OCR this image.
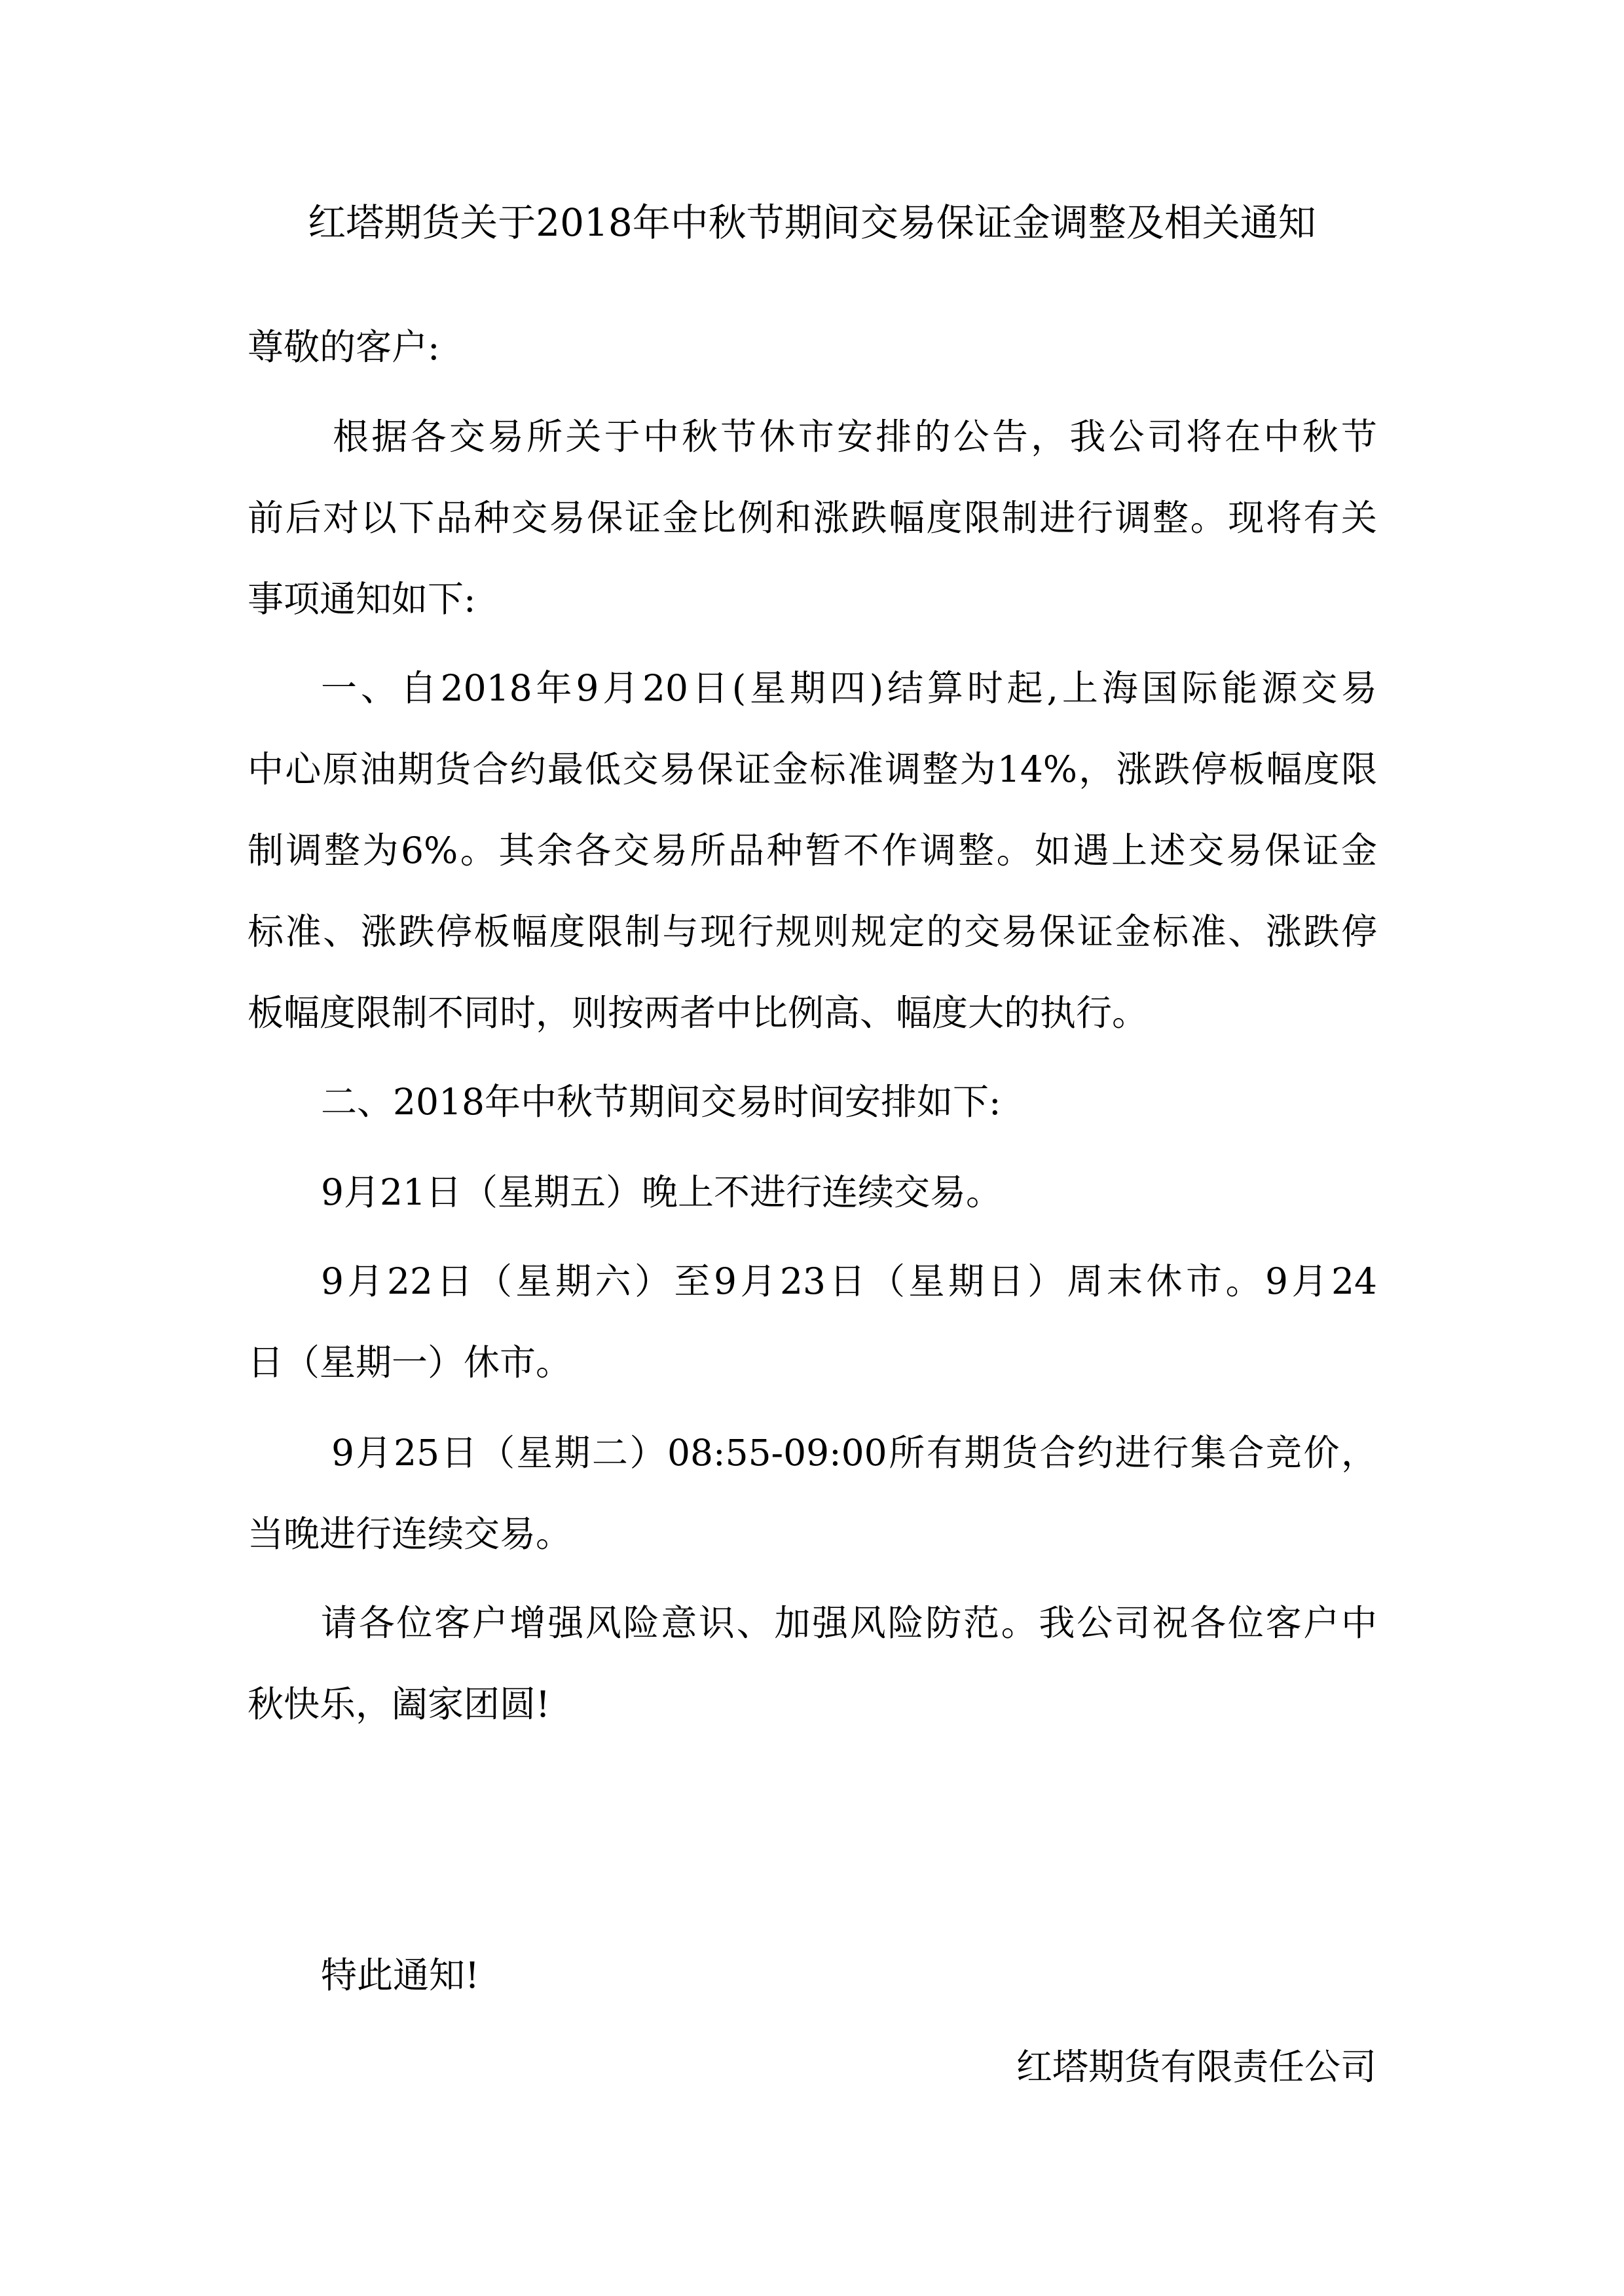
红塔期货关于2018年中秋节期间交易保证金调整及相关通知

尊敬的客户:

根据各交易所关于中秋节休市安排的公告，我公司将在中秋节

前后对以下品种交易保证金比例和涨跌幅度限制进行调整。现将有关

事项通知如下:

一、自2018年9月20日(星期四)结算时起,上海国际能源交易

中心原油期货合约最低交易保证金标准调整为14%，涨跌停板幅度限

制调整为6%。其余各交易所品种暂不作调整。如遇上述交易保证金

标准、涨跌停板幅度限制与现行规则规定的交易保证金标准、涨跌停

板幅度限制不同时，则按两者中比例高、幅度大的执行。

二、2018年中秋节期间交易时间安排如下:

9月21日（星期五）晚上不进行连续交易。

9月22日（星期六）至9月23日（星期日）周末休市。9月24

日（星期一）休市。

9月25日（星期二）08:55-09:00所有期货合约进行集合竞价，

当晚进行连续交易。

请各位客户增强风险意识、加强风险防范。我公司祝各位客户中

秋快乐，阖家团圆!

特此通知!

红塔期货有限责任公司
